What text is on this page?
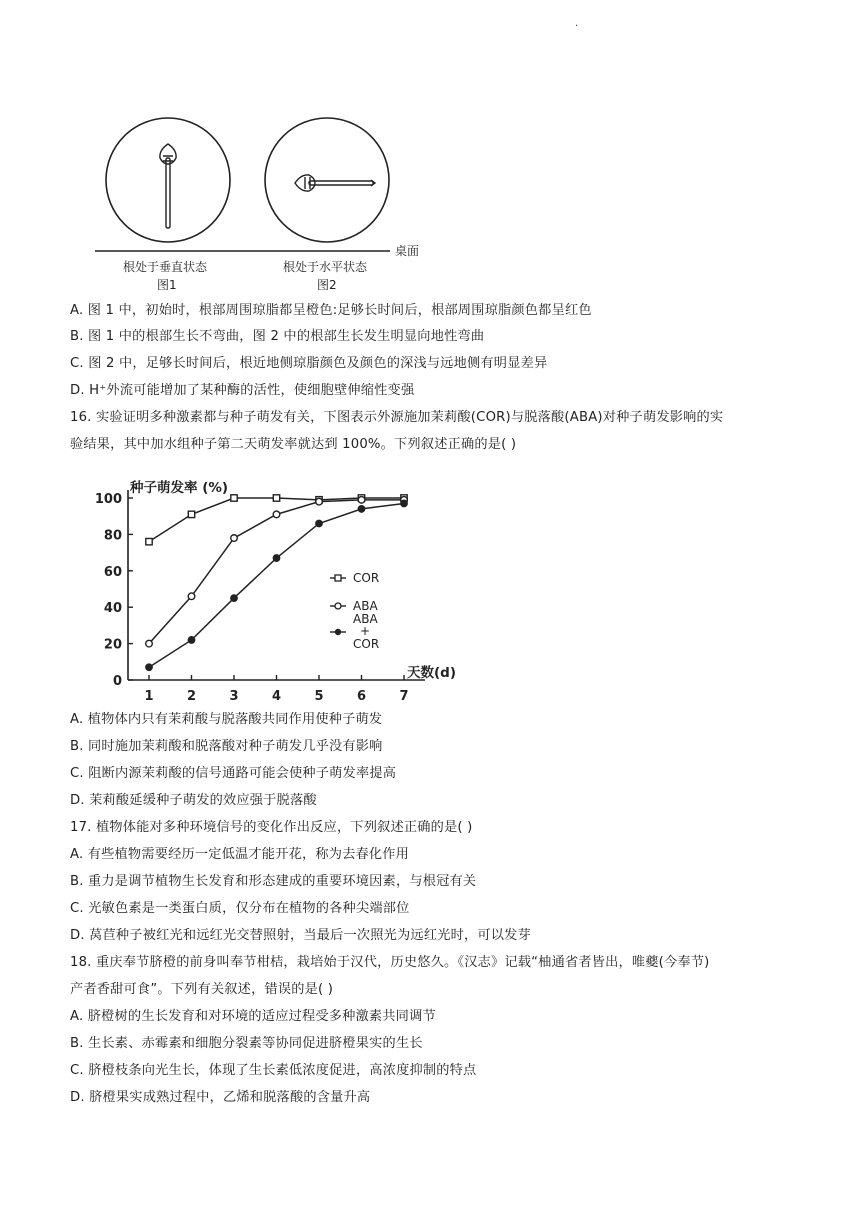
.
根处于垂直状态	根处于水平状态
图1	图2
桌面
A. 图 1 中，初始时，根部周围琼脂都呈橙色:足够长时间后，根部周围琼脂颜色都呈红色
B. 图 1 中的根部生长不弯曲，图 2 中的根部生长发生明显向地性弯曲
C. 图 2 中，足够长时间后，根近地侧琼脂颜色及颜色的深浅与远地侧有明显差异
D. H⁺外流可能增加了某种酶的活性，使细胞壁伸缩性变强
16. 实验证明多种激素都与种子萌发有关，下图表示外源施加茉莉酸(COR)与脱落酸(ABA)对种子萌发影响的实
验结果，其中加水组种子第二天萌发率就达到 100%。下列叙述正确的是( )
0
20
40
60
80
100
1	2	3	4	5	6	7
种子萌发率 (%)
天数(d)
COR
ABA
ABA
+
COR
A. 植物体内只有茉莉酸与脱落酸共同作用使种子萌发
B. 同时施加茉莉酸和脱落酸对种子萌发几乎没有影响
C. 阻断内源茉莉酸的信号通路可能会使种子萌发率提高
D. 茉莉酸延缓种子萌发的效应强于脱落酸
17. 植物体能对多种环境信号的变化作出反应，下列叙述正确的是( )
A. 有些植物需要经历一定低温才能开花，称为去春化作用
B. 重力是调节植物生长发育和形态建成的重要环境因素，与根冠有关
C. 光敏色素是一类蛋白质，仅分布在植物的各种尖端部位
D. 莴苣种子被红光和远红光交替照射，当最后一次照光为远红光时，可以发芽
18. 重庆奉节脐橙的前身叫奉节柑桔，栽培始于汉代，历史悠久。《汉志》记载“柚通省者皆出，唯夔(今奉节)
产者香甜可食”。下列有关叙述，错误的是( )
A. 脐橙树的生长发育和对环境的适应过程受多种激素共同调节
B. 生长素、赤霉素和细胞分裂素等协同促进脐橙果实的生长
C. 脐橙枝条向光生长，体现了生长素低浓度促进，高浓度抑制的特点
D. 脐橙果实成熟过程中，乙烯和脱落酸的含量升高
